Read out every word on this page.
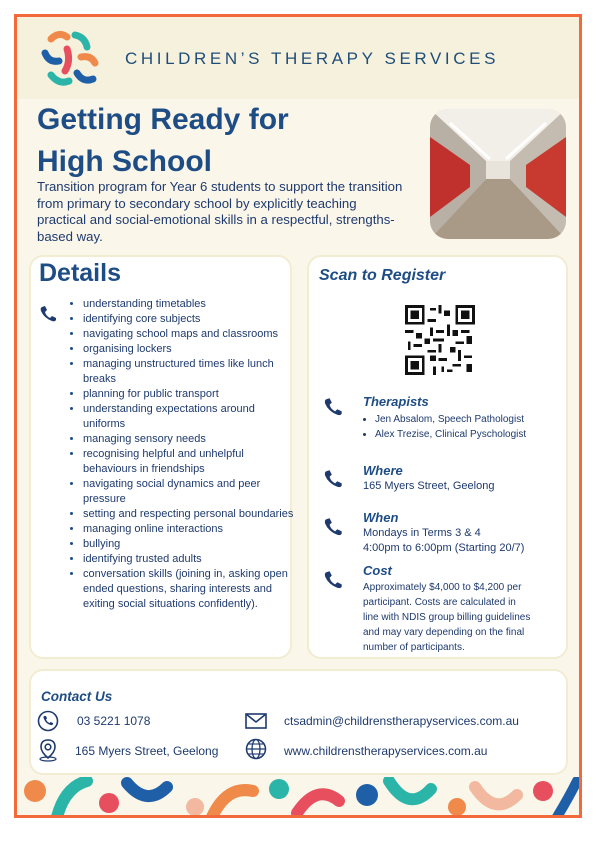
CHILDREN’S THERAPY SERVICES
Getting Ready for
High School
Transition program for Year 6 students to support the transition from primary to secondary school by explicitly teaching practical and social-emotional skills in a respectful, strengths-based way.
Details
• understanding timetables
• identifying core subjects
• navigating school maps and classrooms
• organising lockers
• managing unstructured times like lunch breaks
• planning for public transport
• understanding expectations around uniforms
• managing sensory needs
• recognising helpful and unhelpful behaviours in friendships
• navigating social dynamics and peer pressure
• setting and respecting personal boundaries
• managing online interactions
• bullying
• identifying trusted adults
• conversation skills (joining in, asking open ended questions, sharing interests and exiting social situations confidently).
Scan to Register
Therapists
• Jen Absalom, Speech Pathologist
• Alex Trezise, Clinical Pyschologist
Where
165 Myers Street, Geelong
When
Mondays in Terms 3 & 4
4:00pm to 6:00pm (Starting 20/7)
Cost
Approximately $4,000 to $4,200 per
participant. Costs are calculated in
line with NDIS group billing guidelines
and may vary depending on the final
number of participants.
Contact Us
03 5221 1078	ctsadmin@childrenstherapyservices.com.au
165 Myers Street, Geelong	www.childrenstherapyservices.com.au
